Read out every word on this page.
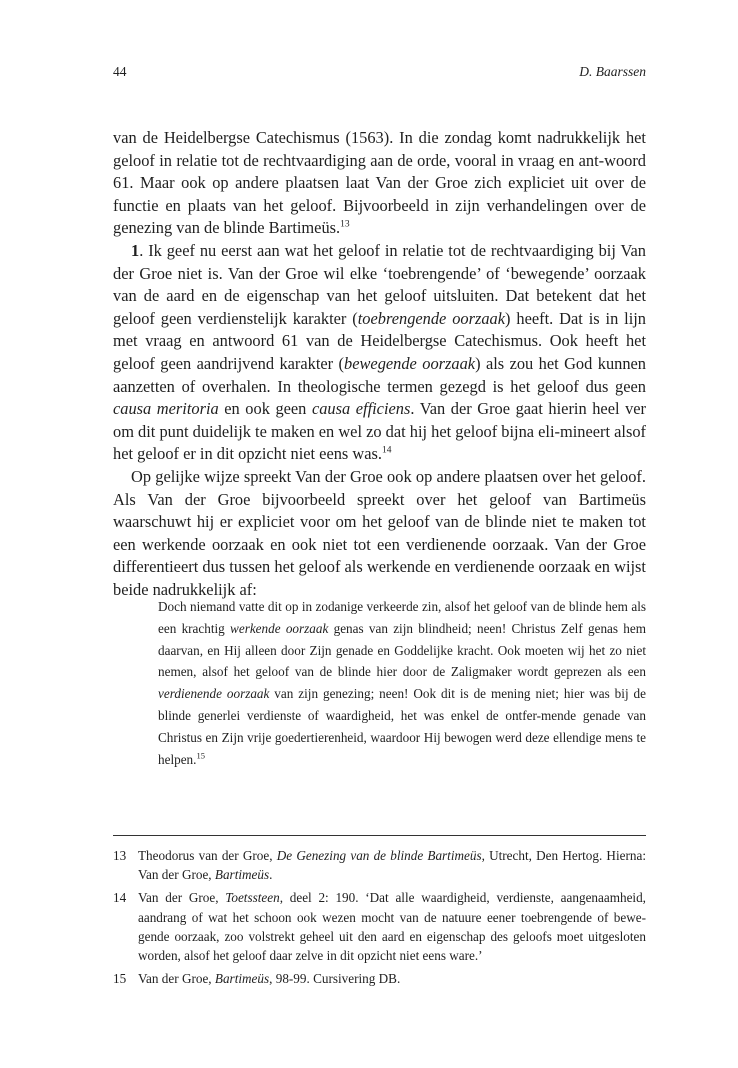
44	D. Baarssen

van de Heidelbergse Catechismus (1563). In die zondag komt nadrukkelijk het geloof in relatie tot de rechtvaardiging aan de orde, vooral in vraag en ant-woord 61. Maar ook op andere plaatsen laat Van der Groe zich expliciet uit over de functie en plaats van het geloof. Bijvoorbeeld in zijn verhandelingen over de genezing van de blinde Bartimeüs.$^{13}$

1. Ik geef nu eerst aan wat het geloof in relatie tot de rechtvaardiging bij Van der Groe niet is. Van der Groe wil elke ‘toebrengende’ of ‘bewegende’ oorzaak van de aard en de eigenschap van het geloof uitsluiten. Dat betekent dat het geloof geen verdienstelijk karakter (toebrengende oorzaak) heeft. Dat is in lijn met vraag en antwoord 61 van de Heidelbergse Catechismus. Ook heeft het geloof geen aandrijvend karakter (bewegende oorzaak) als zou het God kunnen aanzetten of overhalen. In theologische termen gezegd is het geloof dus geen causa meritoria en ook geen causa efficiens. Van der Groe gaat hierin heel ver om dit punt duidelijk te maken en wel zo dat hij het geloof bijna eli-mineert alsof het geloof er in dit opzicht niet eens was.$^{14}$

Op gelijke wijze spreekt Van der Groe ook op andere plaatsen over het geloof. Als Van der Groe bijvoorbeeld spreekt over het geloof van Bartimeüs waarschuwt hij er expliciet voor om het geloof van de blinde niet te maken tot een werkende oorzaak en ook niet tot een verdienende oorzaak. Van der Groe differentieert dus tussen het geloof als werkende en verdienende oorzaak en wijst beide nadrukkelijk af:

Doch niemand vatte dit op in zodanige verkeerde zin, alsof het geloof van de blinde hem als een krachtig werkende oorzaak genas van zijn blindheid; neen! Christus Zelf genas hem daarvan, en Hij alleen door Zijn genade en Goddelijke kracht. Ook moeten wij het zo niet nemen, alsof het geloof van de blinde hier door de Zaligmaker wordt geprezen als een verdienende oorzaak van zijn genezing; neen! Ook dit is de mening niet; hier was bij de blinde generlei verdienste of waardigheid, het was enkel de ontfer-mende genade van Christus en Zijn vrije goedertierenheid, waardoor Hij bewogen werd deze ellendige mens te helpen.$^{15}$

13 Theodorus van der Groe, De Genezing van de blinde Bartimeüs, Utrecht, Den Hertog. Hierna: Van der Groe, Bartimeüs.
14 Van der Groe, Toetssteen, deel 2: 190. ‘Dat alle waardigheid, verdienste, aangenaamheid, aandrang of wat het schoon ook wezen mocht van de natuure eener toebrengende of bewe-gende oorzaak, zoo volstrekt geheel uit den aard en eigenschap des geloofs moet uitgesloten worden, alsof het geloof daar zelve in dit opzicht niet eens ware.’
15 Van der Groe, Bartimeüs, 98-99. Cursivering DB.
